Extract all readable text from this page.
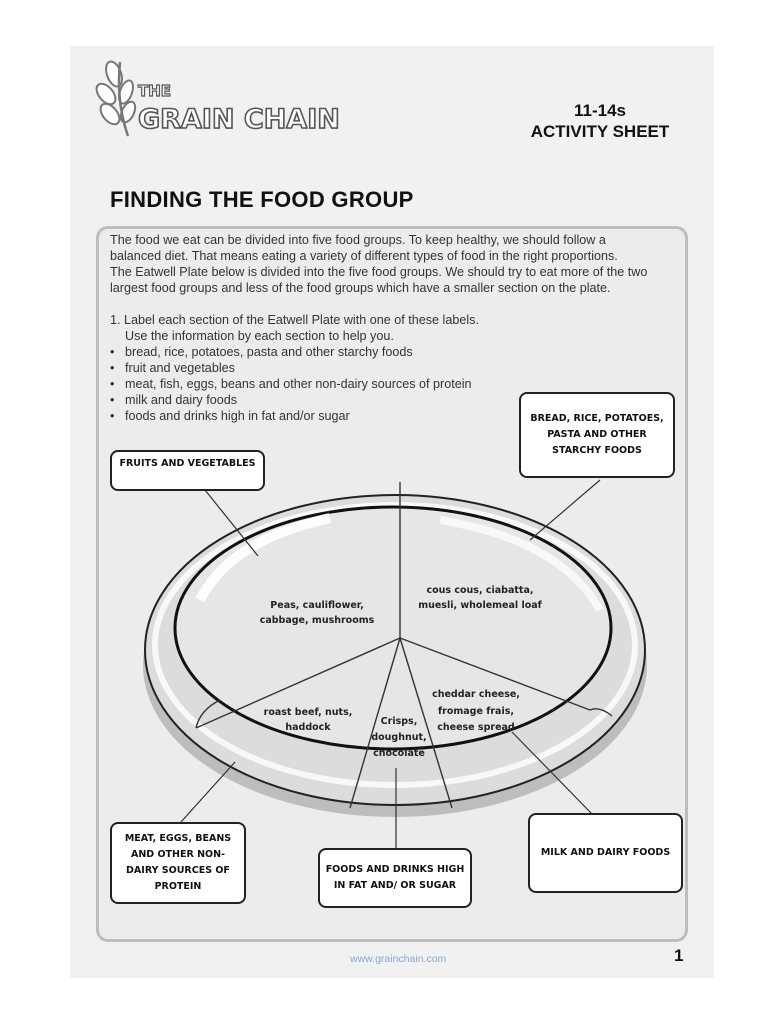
THE
GRAIN CHAIN	11-14s
ACTIVITY SHEET
FINDING THE FOOD GROUP

The food we eat can be divided into five food groups. To keep healthy, we should follow a

balanced diet. That means eating a variety of different types of food in the right proportions.

The Eatwell Plate below is divided into the five food groups. We should try to eat more of the two

largest food groups and less of the food groups which have a smaller section on the plate.

1. Label each section of the Eatwell Plate with one of these labels.
Use the information by each section to help you.
• bread, rice, potatoes, pasta and other starchy foods
• fruit and vegetables
• meat, fish, eggs, beans and other non-dairy sources of protein
• milk and dairy foods
• foods and drinks high in fat and/or sugar
FRUITS AND VEGETABLES
BREAD, RICE, POTATOES,
PASTA AND OTHER
STARCHY FOODS
MEAT, EGGS, BEANS
AND OTHER NON-
DAIRY SOURCES OF
PROTEIN
FOODS AND DRINKS HIGH
IN FAT AND/ OR SUGAR
MILK AND DAIRY FOODS
Peas, cauliflower,
cabbage, mushrooms
cous cous, ciabatta,
muesli, wholemeal loaf
roast beef, nuts,
haddock
Crisps,
doughnut,
chocolate
cheddar cheese,
fromage frais,
cheese spread
www.grainchain.com	1
